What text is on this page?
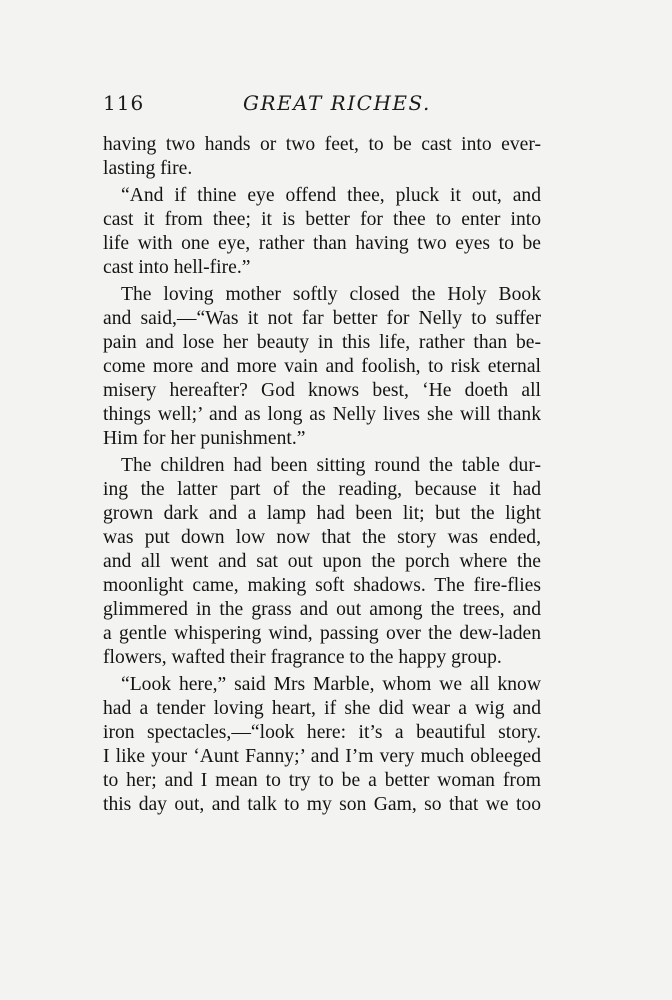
116	GREAT RICHES.
having two hands or two feet, to be cast into ever-
lasting fire.
“And if thine eye offend thee, pluck it out, and
cast it from thee; it is better for thee to enter into
life with one eye, rather than having two eyes to be
cast into hell-fire.”
The loving mother softly closed the Holy Book
and said,—“Was it not far better for Nelly to suffer
pain and lose her beauty in this life, rather than be-
come more and more vain and foolish, to risk eternal
misery hereafter? God knows best, ‘He doeth all
things well;’ and as long as Nelly lives she will thank
Him for her punishment.”
The children had been sitting round the table dur-
ing the latter part of the reading, because it had
grown dark and a lamp had been lit; but the light
was put down low now that the story was ended,
and all went and sat out upon the porch where the
moonlight came, making soft shadows. The fire-flies
glimmered in the grass and out among the trees, and
a gentle whispering wind, passing over the dew-laden
flowers, wafted their fragrance to the happy group.
“Look here,” said Mrs Marble, whom we all know
had a tender loving heart, if she did wear a wig and
iron spectacles,—“look here: it’s a beautiful story.
I like your ‘Aunt Fanny;’ and I’m very much obleeged
to her; and I mean to try to be a better woman from
this day out, and talk to my son Gam, so that we too
